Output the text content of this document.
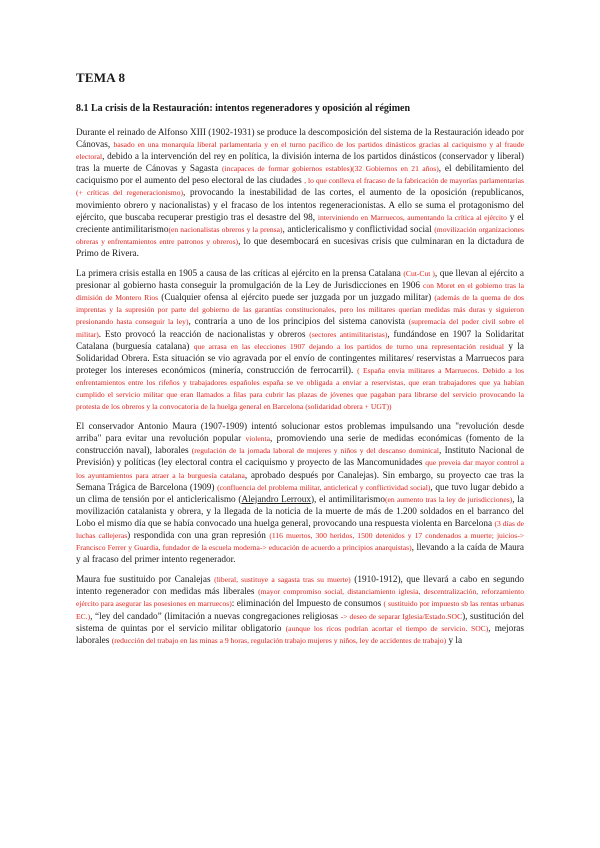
TEMA 8
8.1 La crisis de la Restauración: intentos regeneradores y oposición al régimen

Durante el reinado de Alfonso XIII (1902-1931) se produce la descomposición del sistema de la Restauración ideado por Cánovas, basado en una monarquía liberal parlamentaria y en el turno pacífico de los partidos dinásticos gracias al caciquismo y al fraude electoral, debido a la intervención del rey en política, la división interna de los partidos dinásticos (conservador y liberal) tras la muerte de Cánovas y Sagasta (incapaces de formar gobiernos estables)(32 Gobiernos en 21 años), el debilitamiento del caciquismo por el aumento del peso electoral de las ciudades , lo que conlleva el fracaso de la fabricación de mayorías parlamentarias (+ críticas del regeneracionismo), provocando la inestabilidad de las cortes, el aumento de la oposición (republicanos, movimiento obrero y nacionalistas) y el fracaso de los intentos regeneracionistas. A ello se suma el protagonismo del ejército, que buscaba recuperar prestigio tras el desastre del 98, interviniendo en Marruecos, aumentando la crítica al ejército y el creciente antimilitarismo(en nacionalistas obreros y la prensa), anticlericalismo y conflictividad social (movilización organizaciones obreras y enfrentamientos entre patronos y obreros), lo que desembocará en sucesivas crisis que culminaran en la dictadura de Primo de Rivera.

La primera crisis estalla en 1905 a causa de las críticas al ejército en la prensa Catalana (Cut-Cut ), que llevan al ejército a presionar al gobierno hasta conseguir la promulgación de la Ley de Jurisdicciones en 1906 con Moret en el gobierno tras la dimisión de Montero Rios (Cualquier ofensa al ejército puede ser juzgada por un juzgado militar) (además de la quema de dos imprentas y la supresión por parte del gobierno de las garantías constitucionales, pero los militares querían medidas más duras y siguieron presionando hasta conseguir la ley), contraria a uno de los principios del sistema canovista (supremacía del poder civil sobre el militar). Esto provocó la reacción de nacionalistas y obreros (sectores antimilitaristas), fundándose en 1907 la Solidaritat Catalana (burguesía catalana) que arrasa en las elecciones 1907 dejando a los partidos de turno una representación residual y la Solidaridad Obrera. Esta situación se vio agravada por el envío de contingentes militares/ reservistas a Marruecos para proteger los intereses económicos (minería, construcción de ferrocarril). ( España envía militares a Marruecos. Debido a los enfrentamientos entre los rifeños y trabajadores españoles españa se ve obligada a enviar a reservistas, que eran trabajadores que ya habían cumplido el servicio militar que eran llamados a filas para cubrir las plazas de jóvenes que pagaban para librarse del servicio provocando la protesta de los obreros y la convocatoria de la huelga general en Barcelona (solidaridad obrera + UGT))

El conservador Antonio Maura (1907-1909) intentó solucionar estos problemas impulsando una "revolución desde arriba" para evitar una revolución popular violenta, promoviendo una serie de medidas económicas (fomento de la construcción naval), laborales (regulación de la jornada laboral de mujeres y niños y del descanso dominical, Instituto Nacional de Previsión) y políticas (ley electoral contra el caciquismo y proyecto de las Mancomunidades que preveía dar mayor control a los ayuntamientos para atraer a la burguesía catalana, aprobado después por Canalejas). Sin embargo, su proyecto cae tras la Semana Trágica de Barcelona (1909) (confluencia del problema militar, anticlerical y conflictividad social), que tuvo lugar debido a un clima de tensión por el anticlericalismo (Alejandro Lerroux), el antimilitarismo(en aumento tras la ley de jurisdicciones), la movilización catalanista y obrera, y la llegada de la noticia de la muerte de más de 1.200 soldados en el barranco del Lobo el mismo día que se había convocado una huelga general, provocando una respuesta violenta en Barcelona (3 días de luchas callejeras) respondida con una gran represión (116 muertos, 300 heridos, 1500 detenidos y 17 condenados a muerte; juicios-> Francisco Ferrer y Guardia, fundador de la escuela moderna-> educación de acuerdo a principios anarquistas), llevando a la caída de Maura y al fracaso del primer intento regenerador.

Maura fue sustituido por Canalejas (liberal, sustituye a sagasta tras su muerte) (1910-1912), que llevará a cabo en segundo intento regenerador con medidas más liberales (mayor compromiso social, distanciamiento iglesia, descentralización, reforzamiento ejército para asegurar las posesiones en marruecos): eliminación del Impuesto de consumos ( sustituido por impuesto sb las rentas urbanas EC.), “ley del candado” (limitación a nuevas congregaciones religiosas -> deseo de separar Iglesia/Estado.SOC), sustitución del sistema de quintas por el servicio militar obligatorio (aunque los ricos podrían acortar el tiempo de servicio. SOC), mejoras laborales (reducción del trabajo en las minas a 9 horas, regulación trabajo mujeres y niños, ley de accidentes de trabajo) y la
